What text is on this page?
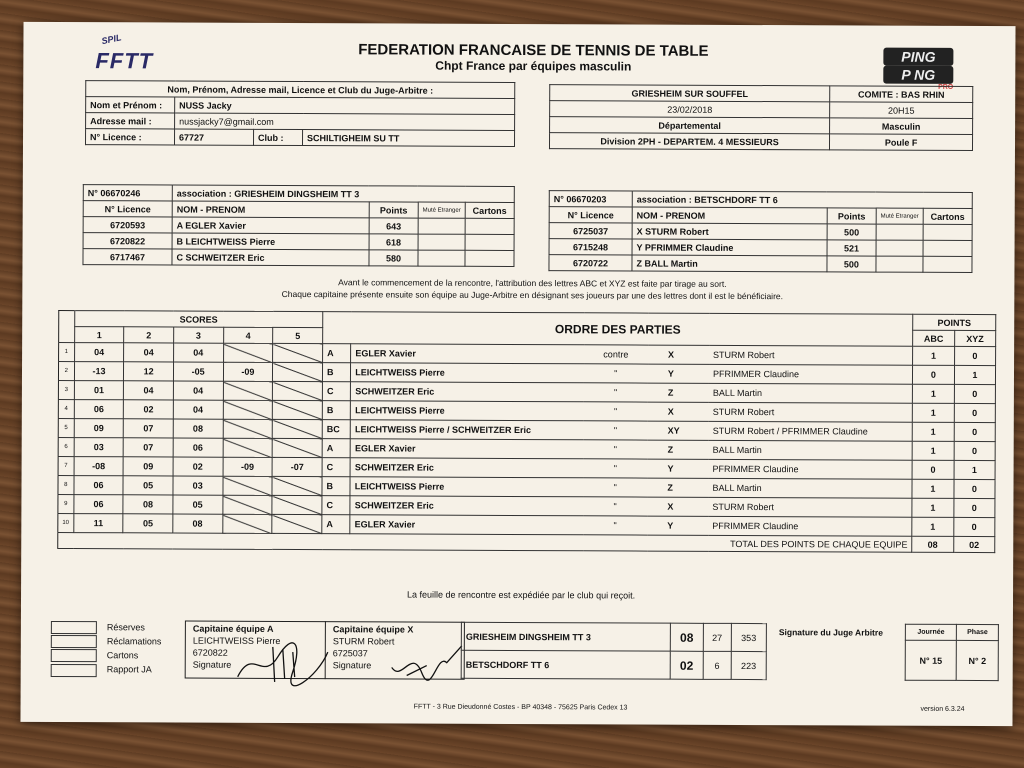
SPIL
FFTT	FEDERATION FRANCAISE DE TENNIS DE TABLE
Chpt France par équipes masculin
PING
P NG
PRO
Nom, Prénom, Adresse mail, Licence et Club du Juge-Arbitre :			
Nom et Prénom :	NUSS Jacky		
Adresse mail :	nussjacky7@gmail.com		
N° Licence :	67727	Club :	SCHILTIGHEIM SU TT
GRIESHEIM SUR SOUFFEL	COMITE : BAS RHIN
23/02/2018	20H15
Départemental	Masculin
Division 2PH - DEPARTEM. 4 MESSIEURS	Poule F
N° 06670246	association : GRIESHEIM DINGSHEIM TT 3			
N° Licence	NOM - PRENOM	Points	Muté Etranger	Cartons
6720593	A EGLER Xavier	643		
6720822	B LEICHTWEISS Pierre	618		
6717467	C SCHWEITZER Eric	580		
N° 06670203	association : BETSCHDORF TT 6			
N° Licence	NOM - PRENOM	Points	Muté Etranger	Cartons
6725037	X STURM Robert	500		
6715248	Y PFRIMMER Claudine	521		
6720722	Z BALL Martin	500		
Avant le commencement de la rencontre, l'attribution des lettres ABC et XYZ est faite par tirage au sort.
Chaque capitaine présente ensuite son équipe au Juge-Arbitre en désignant ses joueurs par une des lettres dont il est le bénéficiaire.
	SCORES					ORDRE DES PARTIES					POINTS	
	1	2	3	4	5						ABC	XYZ
1	04	04	04			A	EGLER Xavier	contre	X	STURM Robert	1	0
2	-13	12	-05	-09		B	LEICHTWEISS Pierre	"	Y	PFRIMMER Claudine	0	1
3	01	04	04			C	SCHWEITZER Eric	"	Z	BALL Martin	1	0
4	06	02	04			B	LEICHTWEISS Pierre	"	X	STURM Robert	1	0
5	09	07	08			BC	LEICHTWEISS Pierre / SCHWEITZER Eric	"	XY	STURM Robert / PFRIMMER Claudine	1	0
6	03	07	06			A	EGLER Xavier	"	Z	BALL Martin	1	0
7	-08	09	02	-09	-07	C	SCHWEITZER Eric	"	Y	PFRIMMER Claudine	0	1
8	06	05	03			B	LEICHTWEISS Pierre	"	Z	BALL Martin	1	0
9	06	08	05			C	SCHWEITZER Eric	"	X	STURM Robert	1	0
10	11	05	08			A	EGLER Xavier	"	Y	PFRIMMER Claudine	1	0
TOTAL DES POINTS DE CHAQUE EQUIPE											08	02
La feuille de rencontre est expédiée par le club qui reçoit.
Réserves
Réclamations
Cartons
Rapport JA
Capitaine équipe A
LEICHTWEISS Pierre
6720822
Signature
Capitaine équipe X
STURM Robert
6725037
Signature
GRIESHEIM DINGSHEIM TT 3	08	27	353
BETSCHDORF TT 6	02	6	223
Signature du Juge Arbitre	Journée	Phase
N° 15	N° 2
FFTT - 3 Rue Dieudonné Costes - BP 40348 - 75625 Paris Cedex 13	version 6.3.24
